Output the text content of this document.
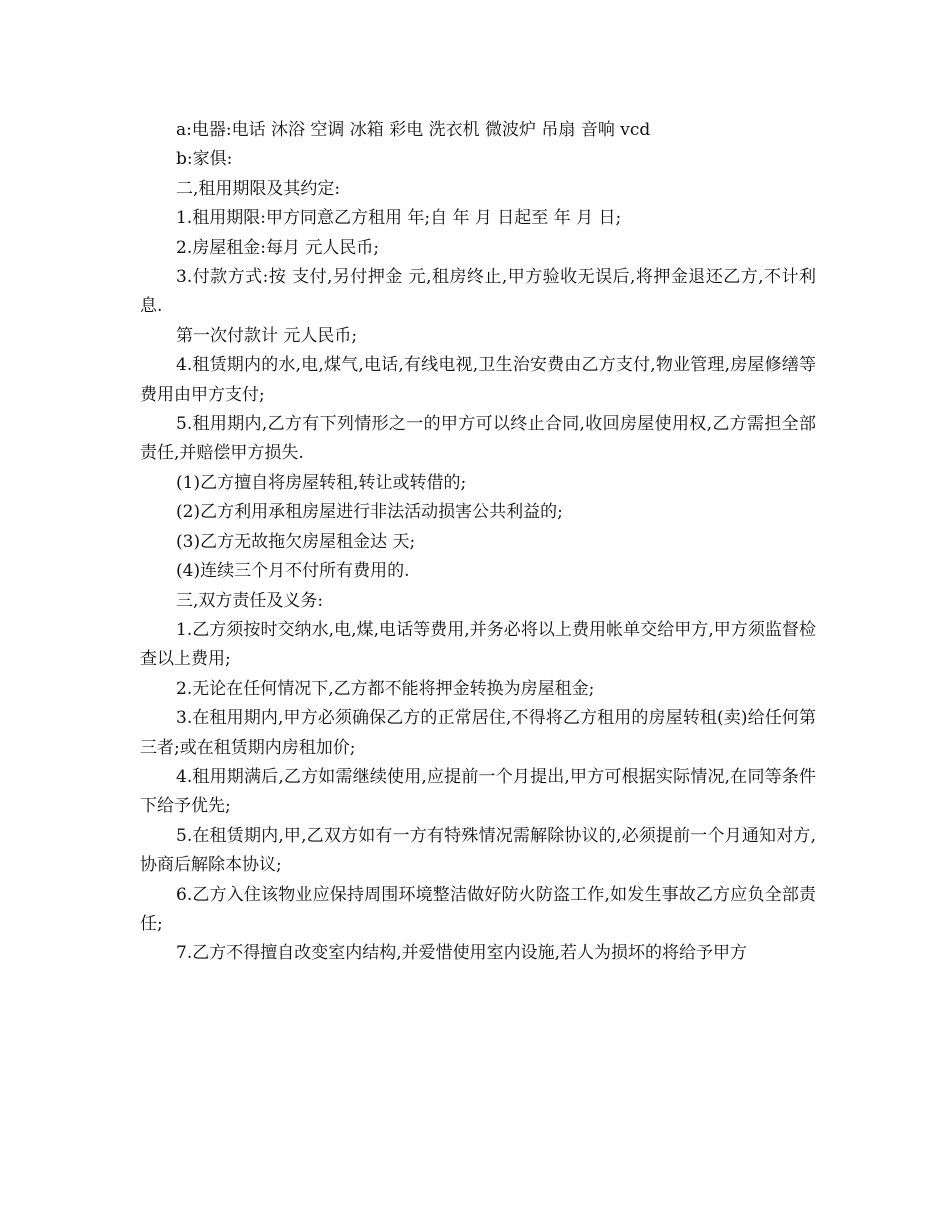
a:电器:电话 沐浴 空调 冰箱 彩电 洗衣机 微波炉 吊扇 音响 vcd

b:家俱:

二,租用期限及其约定:

1.租用期限:甲方同意乙方租用 年;自 年 月 日起至 年 月 日;

2.房屋租金:每月 元人民币;

3.付款方式:按 支付,另付押金 元,租房终止,甲方验收无误后,将押金退还乙方,不计利息.

第一次付款计 元人民币;

4.租赁期内的水,电,煤气,电话,有线电视,卫生治安费由乙方支付,物业管理,房屋修缮等费用由甲方支付;

5.租用期内,乙方有下列情形之一的甲方可以终止合同,收回房屋使用权,乙方需担全部责任,并赔偿甲方损失.

(1)乙方擅自将房屋转租,转让或转借的;

(2)乙方利用承租房屋进行非法活动损害公共利益的;

(3)乙方无故拖欠房屋租金达 天;

(4)连续三个月不付所有费用的.

三,双方责任及义务:

1.乙方须按时交纳水,电,煤,电话等费用,并务必将以上费用帐单交给甲方,甲方须监督检查以上费用;

2.无论在任何情况下,乙方都不能将押金转换为房屋租金;

3.在租用期内,甲方必须确保乙方的正常居住,不得将乙方租用的房屋转租(卖)给任何第三者;或在租赁期内房租加价;

4.租用期满后,乙方如需继续使用,应提前一个月提出,甲方可根据实际情况,在同等条件下给予优先;

5.在租赁期内,甲,乙双方如有一方有特殊情况需解除协议的,必须提前一个月通知对方,协商后解除本协议;

6.乙方入住该物业应保持周围环境整洁做好防火防盗工作,如发生事故乙方应负全部责任;

7.乙方不得擅自改变室内结构,并爱惜使用室内设施,若人为损坏的将给予甲方
